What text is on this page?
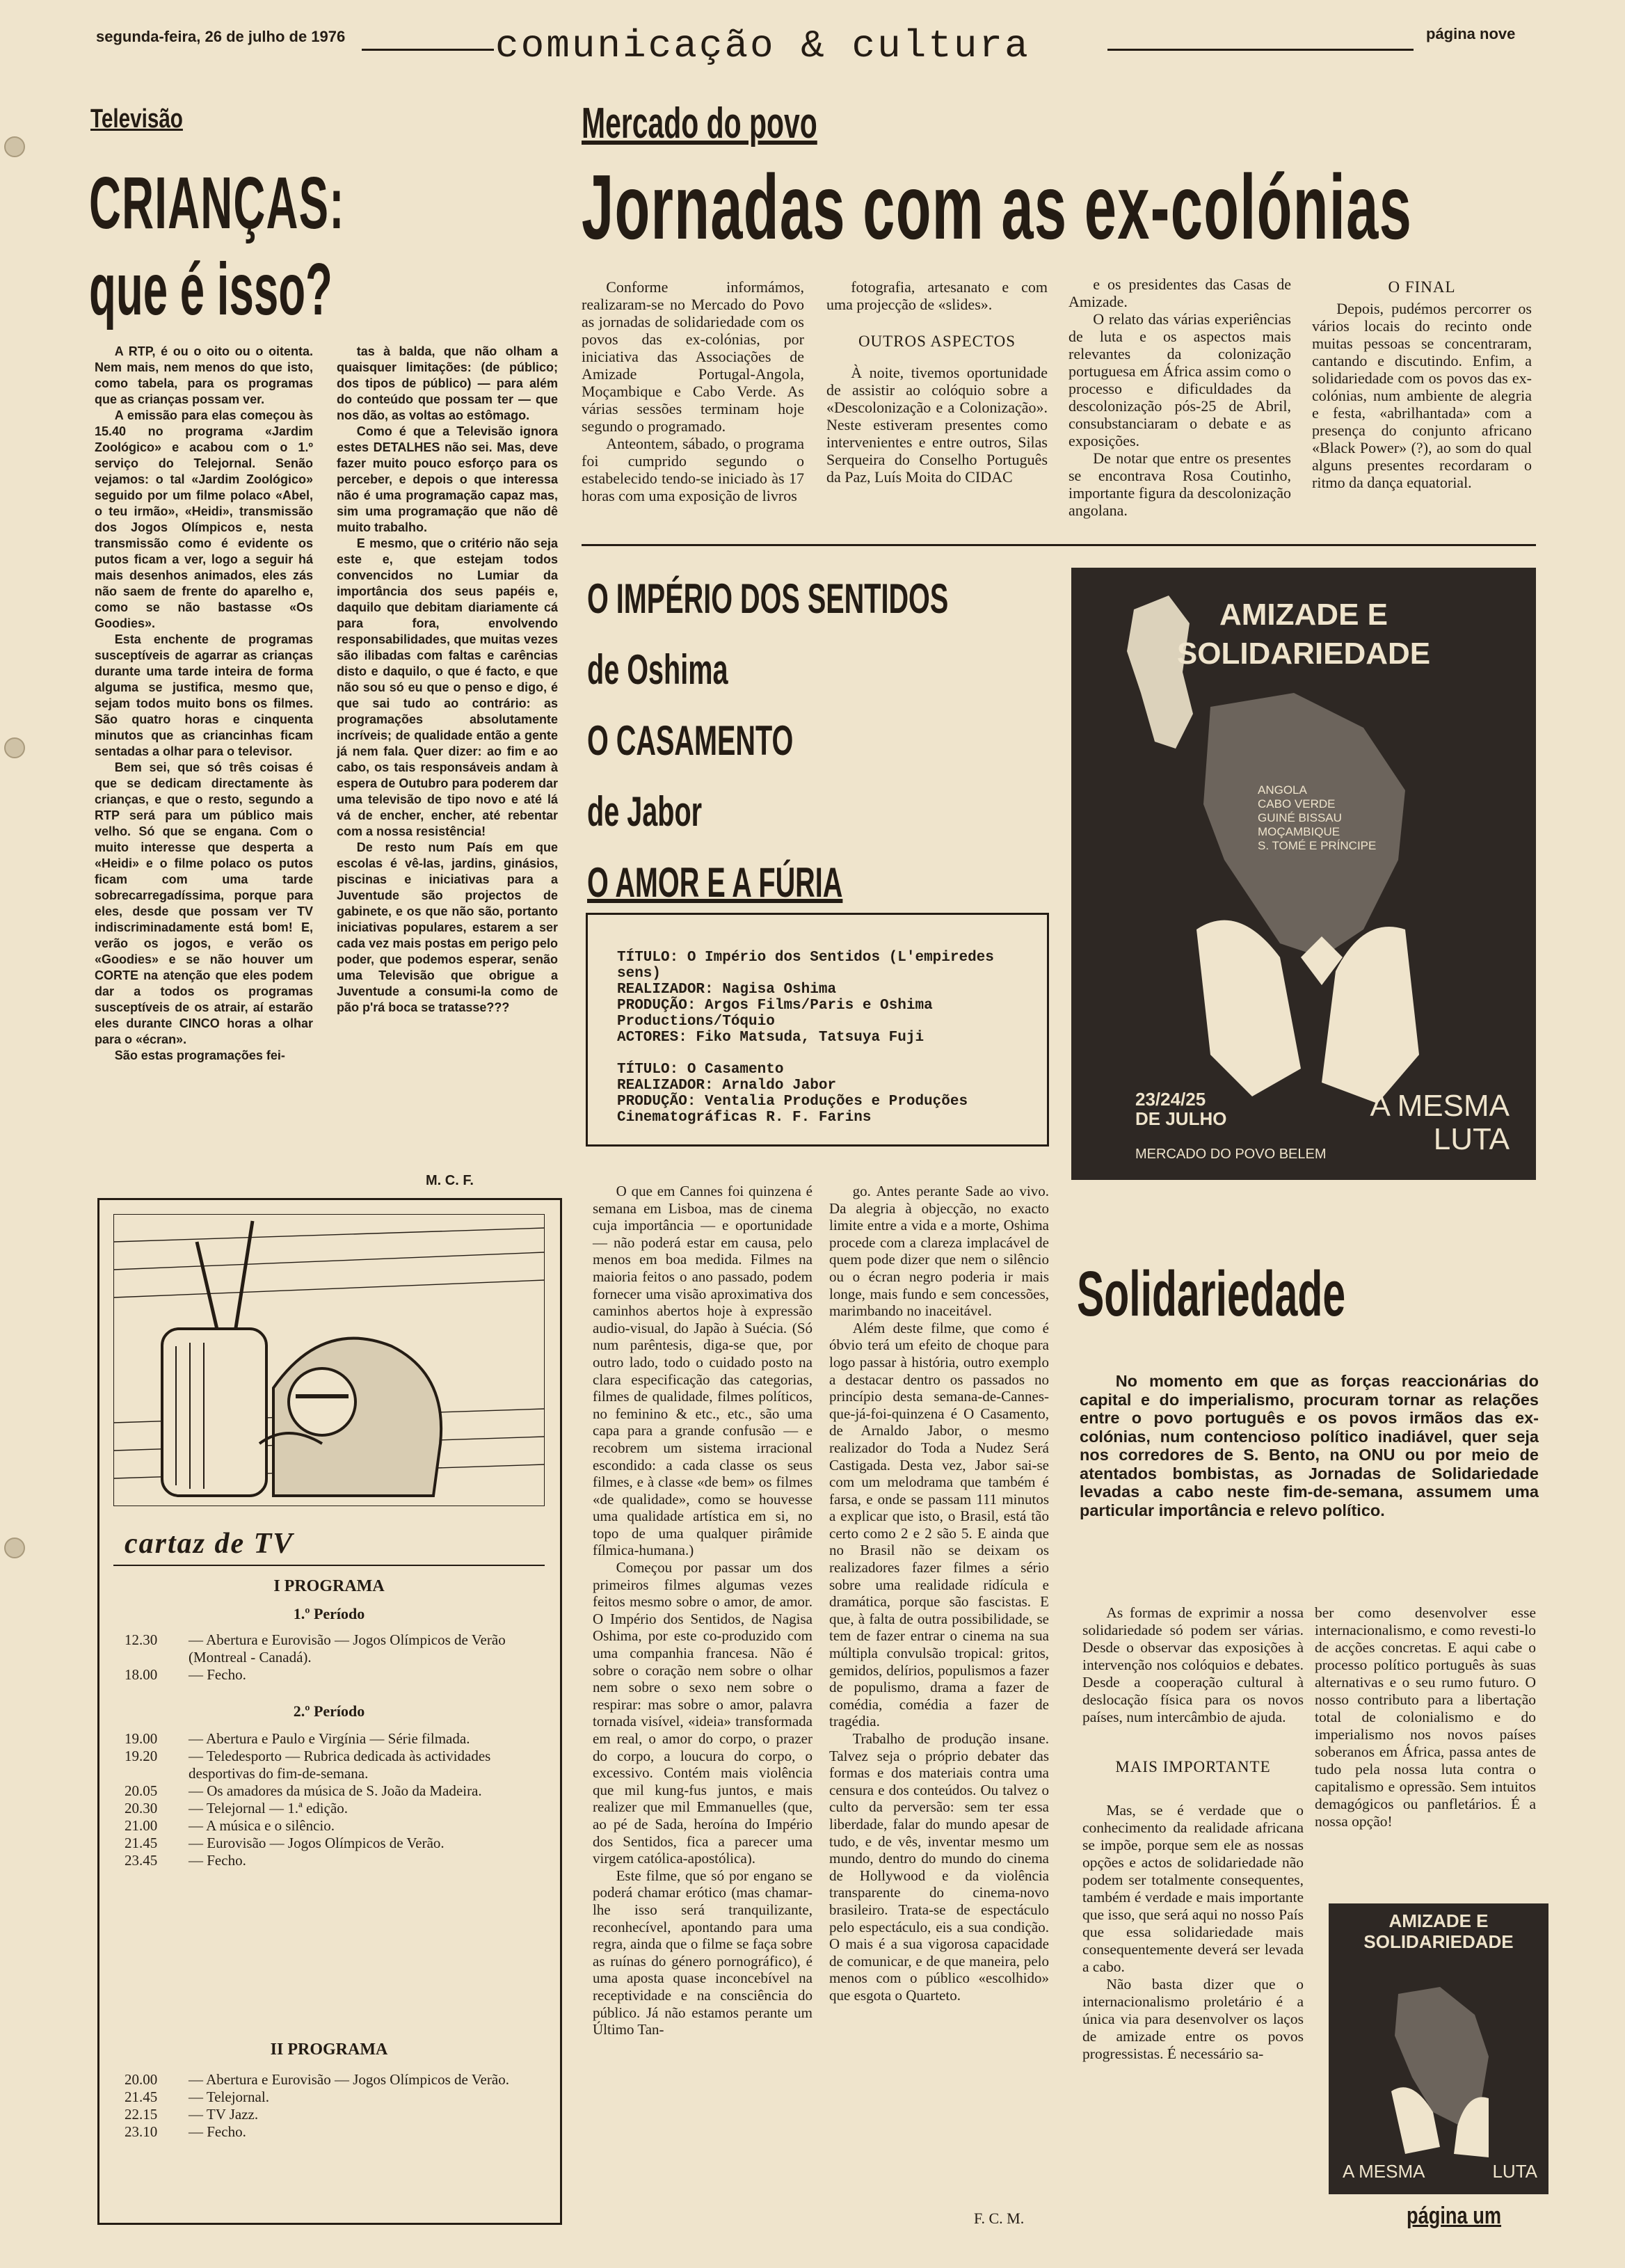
segunda-feira, 26 de julho de 1976	comunicação & cultura	página nove
Televisão
CRIANÇAS:
que é isso?

A RTP, é ou o oito ou o oitenta. Nem mais, nem menos do que isto, como tabela, para os programas que as crianças possam ver.

A emissão para elas começou às 15.40 no programa «Jardim Zoológico» e acabou com o 1.º serviço do Telejornal. Senão vejamos: o tal «Jardim Zoológico» seguido por um filme polaco «Abel, o teu irmão», «Heidi», transmissão dos Jogos Olímpicos e, nesta transmissão como é evidente os putos ficam a ver, logo a seguir há mais desenhos animados, eles zás não saem de frente do aparelho e, como se não bastasse «Os Goodies».

Esta enchente de programas susceptíveis de agarrar as crianças durante uma tarde inteira de forma alguma se justifica, mesmo que, sejam todos muito bons os filmes. São quatro horas e cinquenta minutos que as criancinhas ficam sentadas a olhar para o televisor.

Bem sei, que só três coisas é que se dedicam directamente às crianças, e que o resto, segundo a RTP será para um público mais velho. Só que se engana. Com o muito interesse que desperta a «Heidi» e o filme polaco os putos ficam com uma tarde sobrecarregadíssima, porque para eles, desde que possam ver TV indiscriminadamente está bom! E, verão os jogos, e verão os «Goodies» e se não houver um CORTE na atenção que eles podem dar a todos os programas susceptíveis de os atrair, aí estarão eles durante CINCO horas a olhar para o «écran».

São estas programações fei-

tas à balda, que não olham a quaisquer limitações: (de público; dos tipos de público) — para além do conteúdo que possam ter — que nos dão, as voltas ao estômago.

Como é que a Televisão ignora estes DETALHES não sei. Mas, deve fazer muito pouco esforço para os perceber, e depois o que interessa não é uma programação capaz mas, sim uma programação que não dê muito trabalho.

E mesmo, que o critério não seja este e, que estejam todos convencidos no Lumiar da importância dos seus papéis e, daquilo que debitam diariamente cá para fora, envolvendo responsabilidades, que muitas vezes são ilibadas com faltas e carências disto e daquilo, o que é facto, e que não sou só eu que o penso e digo, é que sai tudo ao contrário: as programações absolutamente incríveis; de qualidade então a gente já nem fala. Quer dizer: ao fim e ao cabo, os tais responsáveis andam à espera de Outubro para poderem dar uma televisão de tipo novo e até lá vá de encher, encher, até rebentar com a nossa resistência!

De resto num País em que escolas é vê-las, jardins, ginásios, piscinas e iniciativas para a Juventude são projectos de gabinete, e os que não são, portanto iniciativas populares, estarem a ser cada vez mais postas em perigo pelo poder, que podemos esperar, senão uma Televisão que obrigue a Juventude a consumi-la como de pão p'rá boca se tratasse???

M. C. F.
cartaz de TV
I PROGRAMA
1.º Período
12.30	— Abertura e Eurovisão — Jogos Olímpicos de Verão (Montreal - Canadá).
18.00	— Fecho.
2.º Período
19.00	— Abertura e Paulo e Virgínia — Série filmada.
19.20	— Teledesporto — Rubrica dedicada às actividades desportivas do fim-de-semana.
20.05	— Os amadores da música de S. João da Madeira.
20.30	— Telejornal — 1.ª edição.
21.00	— A música e o silêncio.
21.45	— Eurovisão — Jogos Olímpicos de Verão.
23.45	— Fecho.
II PROGRAMA
20.00	— Abertura e Eurovisão — Jogos Olímpicos de Verão.
21.45	— Telejornal.
22.15	— TV Jazz.
23.10	— Fecho.
Mercado do povo
Jornadas com as ex-colónias

Conforme informámos, realizaram-se no Mercado do Povo as jornadas de solidariedade com os povos das ex-colónias, por iniciativa das Associações de Amizade Portugal-Angola, Moçambique e Cabo Verde. As várias sessões terminam hoje segundo o programado.

Anteontem, sábado, o programa foi cumprido segundo o estabelecido tendo-se iniciado às 17 horas com uma exposição de livros

fotografia, artesanato e com uma projecção de «slides».

OUTROS ASPECTOS

À noite, tivemos oportunidade de assistir ao colóquio sobre a «Descolonização e a Colonização». Neste estiveram presentes como intervenientes e entre outros, Silas Serqueira do Conselho Português da Paz, Luís Moita do CIDAC

e os presidentes das Casas de Amizade.

O relato das várias experiências de luta e os aspectos mais relevantes da colonização portuguesa em África assim como o processo e dificuldades da descolonização pós-25 de Abril, consubstanciaram o debate e as exposições.

De notar que entre os presentes se encontrava Rosa Coutinho, importante figura da descolonização angolana.

O FINAL

Depois, pudémos percorrer os vários locais do recinto onde muitas pessoas se concentraram, cantando e discutindo. Enfim, a solidariedade com os povos das ex-colónias, num ambiente de alegria e festa, «abrilhantada» com a presença do conjunto africano «Black Power» (?), ao som do qual alguns presentes recordaram o ritmo da dança equatorial.

O IMPÉRIO DOS SENTIDOS
de Oshima
O CASAMENTO
de Jabor
O AMOR E A FÚRIA
TÍTULO: O Império dos Sentidos (L'empiredes sens)
REALIZADOR: Nagisa Oshima
PRODUÇÃO: Argos Films/Paris e Oshima Productions/Tóquio
ACTORES: Fiko Matsuda, Tatsuya Fuji
TÍTULO: O Casamento
REALIZADOR: Arnaldo Jabor
PRODUÇÃO: Ventalia Produções e Produções Cinematográficas R. F. Farins

O que em Cannes foi quinzena é semana em Lisboa, mas de cinema cuja importância — e oportunidade — não poderá estar em causa, pelo menos em boa medida. Filmes na maioria feitos o ano passado, podem fornecer uma visão aproximativa dos caminhos abertos hoje à expressão audio-visual, do Japão à Suécia. (Só num parêntesis, diga-se que, por outro lado, todo o cuidado posto na clara especificação das categorias, filmes de qualidade, filmes políticos, no feminino & etc., etc., são uma capa para a grande confusão — e recobrem um sistema irracional escondido: a cada classe os seus filmes, e à classe «de bem» os filmes «de qualidade», como se houvesse uma qualidade artística em si, no topo de uma qualquer pirâmide fílmica-humana.)

Começou por passar um dos primeiros filmes algumas vezes feitos mesmo sobre o amor, de amor. O Império dos Sentidos, de Nagisa Oshima, por este co-produzido com uma companhia francesa. Não é sobre o coração nem sobre o olhar nem sobre o sexo nem sobre o respirar: mas sobre o amor, palavra tornada visível, «ideia» transformada em real, o amor do corpo, o prazer do corpo, a loucura do corpo, o excessivo. Contém mais violência que mil kung-fus juntos, e mais realizer que mil Emmanuelles (que, ao pé de Sada, heroína do Império dos Sentidos, fica a parecer uma virgem católica-apostólica).

Este filme, que só por engano se poderá chamar erótico (mas chamar-lhe isso será tranquilizante, reconhecível, apontando para uma regra, ainda que o filme se faça sobre as ruínas do género pornográfico), é uma aposta quase inconcebível na receptividade e na consciência do público. Já não estamos perante um Último Tan-

go. Antes perante Sade ao vivo. Da alegria à objecção, no exacto limite entre a vida e a morte, Oshima procede com a clareza implacável de quem pode dizer que nem o silêncio ou o écran negro poderia ir mais longe, mais fundo e sem concessões, marimbando no inaceitável.

Além deste filme, que como é óbvio terá um efeito de choque para logo passar à história, outro exemplo a destacar dentro os passados no princípio desta semana-de-Cannes-que-já-foi-quinzena é O Casamento, de Arnaldo Jabor, o mesmo realizador do Toda a Nudez Será Castigada. Desta vez, Jabor sai-se com um melodrama que também é farsa, e onde se passam 111 minutos a explicar que isto, o Brasil, está tão certo como 2 e 2 são 5. E ainda que no Brasil não se deixam os realizadores fazer filmes a sério sobre uma realidade ridícula e dramática, porque são fascistas. E que, à falta de outra possibilidade, se tem de fazer entrar o cinema na sua múltipla convulsão tropical: gritos, gemidos, delírios, populismos a fazer de populismo, drama a fazer de comédia, comédia a fazer de tragédia.

Trabalho de produção insane. Talvez seja o próprio debater das formas e dos materiais contra uma censura e dos conteúdos. Ou talvez o culto da perversão: sem ter essa liberdade, falar do mundo apesar de tudo, e de vês, inventar mesmo um mundo, dentro do mundo do cinema de Hollywood e da violência transparente do cinema-novo brasileiro. Trata-se de espectáculo pelo espectáculo, eis a sua condição. O mais é a sua vigorosa capacidade de comunicar, e de que maneira, pelo menos com o público «escolhido» que esgota o Quarteto.

F. C. M.
AMIZADE E
SOLIDARIEDADE
ANGOLA
CABO VERDE
GUINÉ BISSAU
MOÇAMBIQUE
S. TOMÉ E PRÍNCIPE
23/24/25
DE JULHO
MERCADO DO POVO BELEM
A MESMA
LUTA
Solidariedade
No momento em que as forças reaccionárias do capital e do imperialismo, procuram tornar as relações entre o povo português e os povos irmãos das ex-colónias, num contencioso político inadiável, quer seja nos corredores de S. Bento, na ONU ou por meio de atentados bombistas, as Jornadas de Solidariedade levadas a cabo neste fim-de-semana, assumem uma particular importância e relevo político.

As formas de exprimir a nossa solidariedade só podem ser várias. Desde o observar das exposições à intervenção nos colóquios e debates. Desde a cooperação cultural à deslocação física para os novos países, num intercâmbio de ajuda.

MAIS IMPORTANTE

Mas, se é verdade que o conhecimento da realidade africana se impõe, porque sem ele as nossas opções e actos de solidariedade não podem ser totalmente consequentes, também é verdade e mais importante que isso, que será aqui no nosso País que essa solidariedade mais consequentemente deverá ser levada a cabo.

Não basta dizer que o internacionalismo proletário é a única via para desenvolver os laços de amizade entre os povos progressistas. É necessário sa-

ber como desenvolver esse internacionalismo, e como revesti-lo de acções concretas. E aqui cabe o processo político português às suas alternativas e o seu rumo futuro. O nosso contributo para a libertação total de colonialismo e do imperialismo nos novos países soberanos em África, passa antes de tudo pela nossa luta contra o capitalismo e opressão. Sem intuitos demagógicos ou panfletários. É a nossa opção!

AMIZADE E
SOLIDARIEDADE
A MESMA	LUTA
página um
